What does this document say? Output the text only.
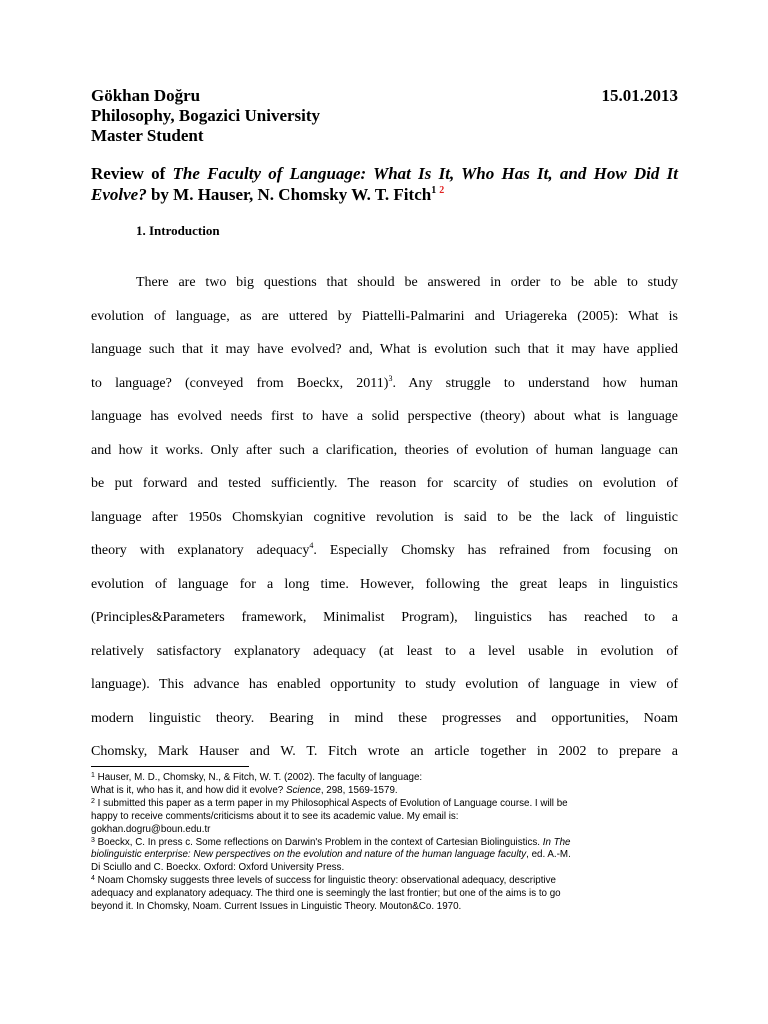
Gökhan Doğru	15.01.2013
Philosophy, Bogazici University
Master Student
Review of The Faculty of Language: What Is It, Who Has It, and How Did It Evolve? by M. Hauser, N. Chomsky W. T. Fitch$^1$ $^2$
1. Introduction
There are two big questions that should be answered in order to be able to study
evolution of language, as are uttered by Piattelli-Palmarini and Uriagereka (2005): What is
language such that it may have evolved? and, What is evolution such that it may have applied
to language? (conveyed from Boeckx, 2011)$^3$. Any struggle to understand how human
language has evolved needs first to have a solid perspective (theory) about what is language
and how it works. Only after such a clarification, theories of evolution of human language can
be put forward and tested sufficiently. The reason for scarcity of studies on evolution of
language after 1950s Chomskyian cognitive revolution is said to be the lack of linguistic
theory with explanatory adequacy$^4$. Especially Chomsky has refrained from focusing on
evolution of language for a long time. However, following the great leaps in linguistics
(Principles&Parameters framework, Minimalist Program), linguistics has reached to a
relatively satisfactory explanatory adequacy (at least to a level usable in evolution of
language). This advance has enabled opportunity to study evolution of language in view of
modern linguistic theory. Bearing in mind these progresses and opportunities, Noam
Chomsky, Mark Hauser and W. T. Fitch wrote an article together in 2002 to prepare a
$^1$ Hauser, M. D., Chomsky, N., & Fitch, W. T. (2002). The faculty of language:
What is it, who has it, and how did it evolve? Science, 298, 1569-1579.
$^2$ I submitted this paper as a term paper in my Philosophical Aspects of Evolution of Language course. I will be
happy to receive comments/criticisms about it to see its academic value. My email is:
gokhan.dogru@boun.edu.tr
$^3$ Boeckx, C. In press c. Some reflections on Darwin's Problem in the context of Cartesian Biolinguistics. In The
biolinguistic enterprise: New perspectives on the evolution and nature of the human language faculty, ed. A.-M.
Di Sciullo and C. Boeckx. Oxford: Oxford University Press.
$^4$ Noam Chomsky suggests three levels of success for linguistic theory: observational adequacy, descriptive
adequacy and explanatory adequacy. The third one is seemingly the last frontier; but one of the aims is to go
beyond it. In Chomsky, Noam. Current Issues in Linguistic Theory. Mouton&Co. 1970.
